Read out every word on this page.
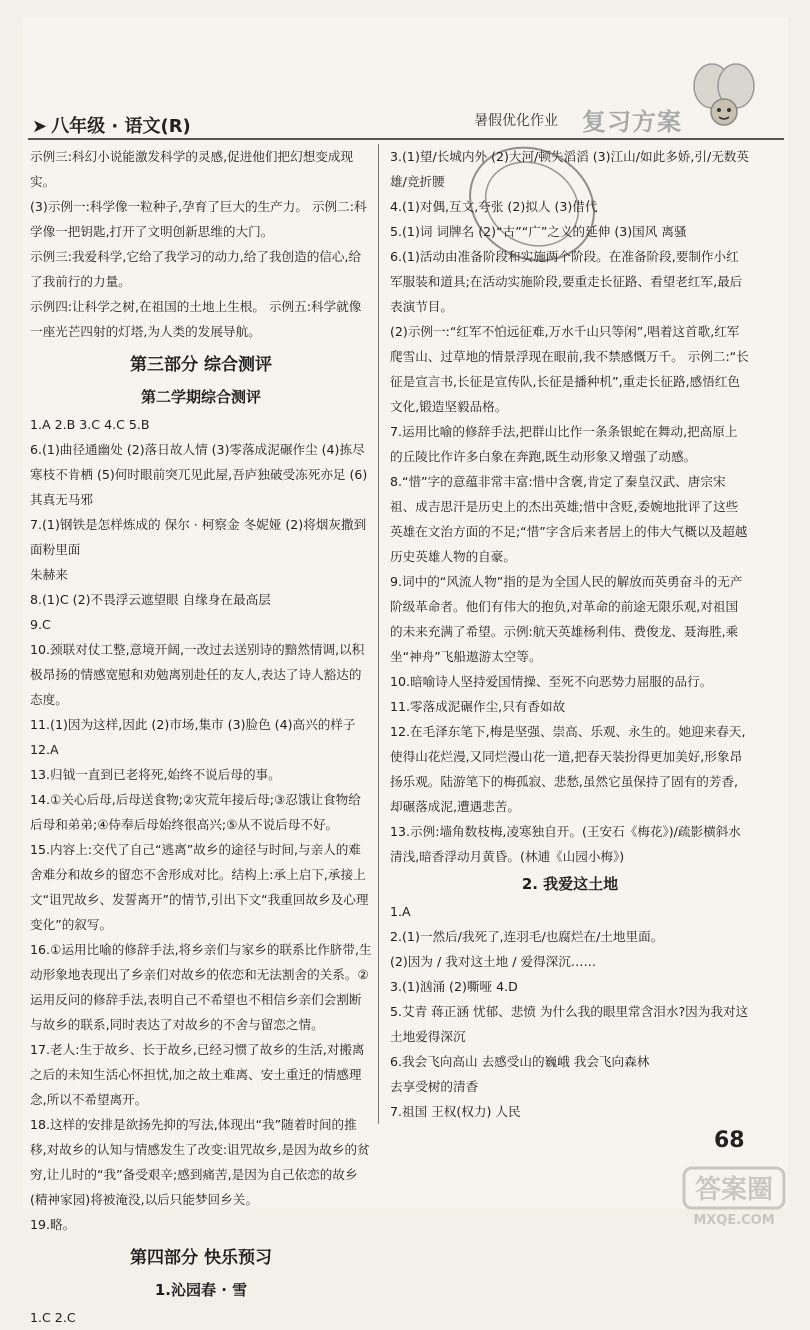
➤ 八年级 · 语文(R)	暑假优化作业 复习方案
示例三:科幻小说能激发科学的灵感,促进他们把幻想变成现实。
(3)示例一:科学像一粒种子,孕育了巨大的生产力。 示例二:科学像一把钥匙,打开了文明创新思维的大门。
示例三:我爱科学,它给了我学习的动力,给了我创造的信心,给了我前行的力量。
示例四:让科学之树,在祖国的土地上生根。 示例五:科学就像一座光芒四射的灯塔,为人类的发展导航。
第三部分 综合测评
第二学期综合测评
1.A 2.B 3.C 4.C 5.B
6.(1)曲径通幽处 (2)落日故人情 (3)零落成泥碾作尘 (4)拣尽寒枝不肯栖 (5)何时眼前突兀见此屋,吾庐独破受冻死亦足 (6)其真无马邪
7.(1)钢铁是怎样炼成的 保尔 · 柯察金 冬妮娅 (2)将烟灰撒到面粉里面
朱赫来
8.(1)C (2)不畏浮云遮望眼 自缘身在最高层
9.C
10.颈联对仗工整,意境开阔,一改过去送别诗的黯然情调,以积极昂扬的情感宽慰和劝勉离别赴任的友人,表达了诗人豁达的态度。
11.(1)因为这样,因此 (2)市场,集市 (3)脸色 (4)高兴的样子
12.A
13.归钺一直到已老将死,始终不说后母的事。
14.①关心后母,后母送食物;②灾荒年接后母;③忍饿让食物给后母和弟弟;④侍奉后母始终很高兴;⑤从不说后母不好。
15.内容上:交代了自己“逃离”故乡的途径与时间,与亲人的难舍难分和故乡的留恋不舍形成对比。结构上:承上启下,承接上文“诅咒故乡、发誓离开”的情节,引出下文“我重回故乡及心理变化”的叙写。
16.①运用比喻的修辞手法,将乡亲们与家乡的联系比作脐带,生动形象地表现出了乡亲们对故乡的依恋和无法割舍的关系。②运用反问的修辞手法,表明自己不希望也不相信乡亲们会割断与故乡的联系,同时表达了对故乡的不舍与留恋之情。
17.老人:生于故乡、长于故乡,已经习惯了故乡的生活,对搬离之后的未知生活心怀担忧,加之故土难离、安土重迁的情感理念,所以不希望离开。
18.这样的安排是欲扬先抑的写法,体现出“我”随着时间的推移,对故乡的认知与情感发生了改变:诅咒故乡,是因为故乡的贫穷,让儿时的“我”备受艰辛;感到痛苦,是因为自己依恋的故乡(精神家园)将被淹没,以后只能梦回乡关。
19.略。
第四部分 快乐预习
1.沁园春 · 雪
1.C 2.C
3.(1)望/长城内外 (2)大河/顿失滔滔 (3)江山/如此多娇,引/无数英雄/竞折腰
4.(1)对偶,互文,夸张 (2)拟人 (3)借代
5.(1)词 词牌名 (2)“古”“广”之义的延伸 (3)国风 离骚
6.(1)活动由准备阶段和实施两个阶段。在准备阶段,要制作小红军服装和道具;在活动实施阶段,要重走长征路、看望老红军,最后表演节目。
(2)示例一:“红军不怕远征难,万水千山只等闲”,唱着这首歌,红军爬雪山、过草地的情景浮现在眼前,我不禁感慨万千。 示例二:“长征是宣言书,长征是宣传队,长征是播种机”,重走长征路,感悟红色文化,锻造坚毅品格。
7.运用比喻的修辞手法,把群山比作一条条银蛇在舞动,把高原上的丘陵比作许多白象在奔跑,既生动形象又增强了动感。
8.“惜”字的意蕴非常丰富:惜中含褒,肯定了秦皇汉武、唐宗宋祖、成吉思汗是历史上的杰出英雄;惜中含贬,委婉地批评了这些英雄在文治方面的不足;“惜”字含后来者居上的伟大气概以及超越历史英雄人物的自豪。
9.词中的“风流人物”指的是为全国人民的解放而英勇奋斗的无产阶级革命者。他们有伟大的抱负,对革命的前途无限乐观,对祖国的未来充满了希望。示例:航天英雄杨利伟、费俊龙、聂海胜,乘坐“神舟”飞船遨游太空等。
10.暗喻诗人坚持爱国情操、至死不向恶势力屈服的品行。
11.零落成泥碾作尘,只有香如故
12.在毛泽东笔下,梅是坚强、崇高、乐观、永生的。她迎来春天,使得山花烂漫,又同烂漫山花一道,把春天装扮得更加美好,形象昂扬乐观。陆游笔下的梅孤寂、悲愁,虽然它虽保持了固有的芳香,却碾落成泥,遭遇悲苦。
13.示例:墙角数枝梅,凌寒独自开。(王安石《梅花》)/疏影横斜水清浅,暗香浮动月黄昏。(林逋《山园小梅》)
2. 我爱这土地
1.A
2.(1)一然后/我死了,连羽毛/也腐烂在/土地里面。
(2)因为 / 我对这土地 / 爱得深沉……
3.(1)汹涌 (2)嘶哑 4.D
5.艾青 蒋正涵 忧郁、悲愤 为什么我的眼里常含泪水?因为我对这土地爱得深沉
6.我会飞向高山 去感受山的巍峨 我会飞向森林
去享受树的清香
7.祖国 王权(权力) 人民
68
答案圈
MXQE.COM
